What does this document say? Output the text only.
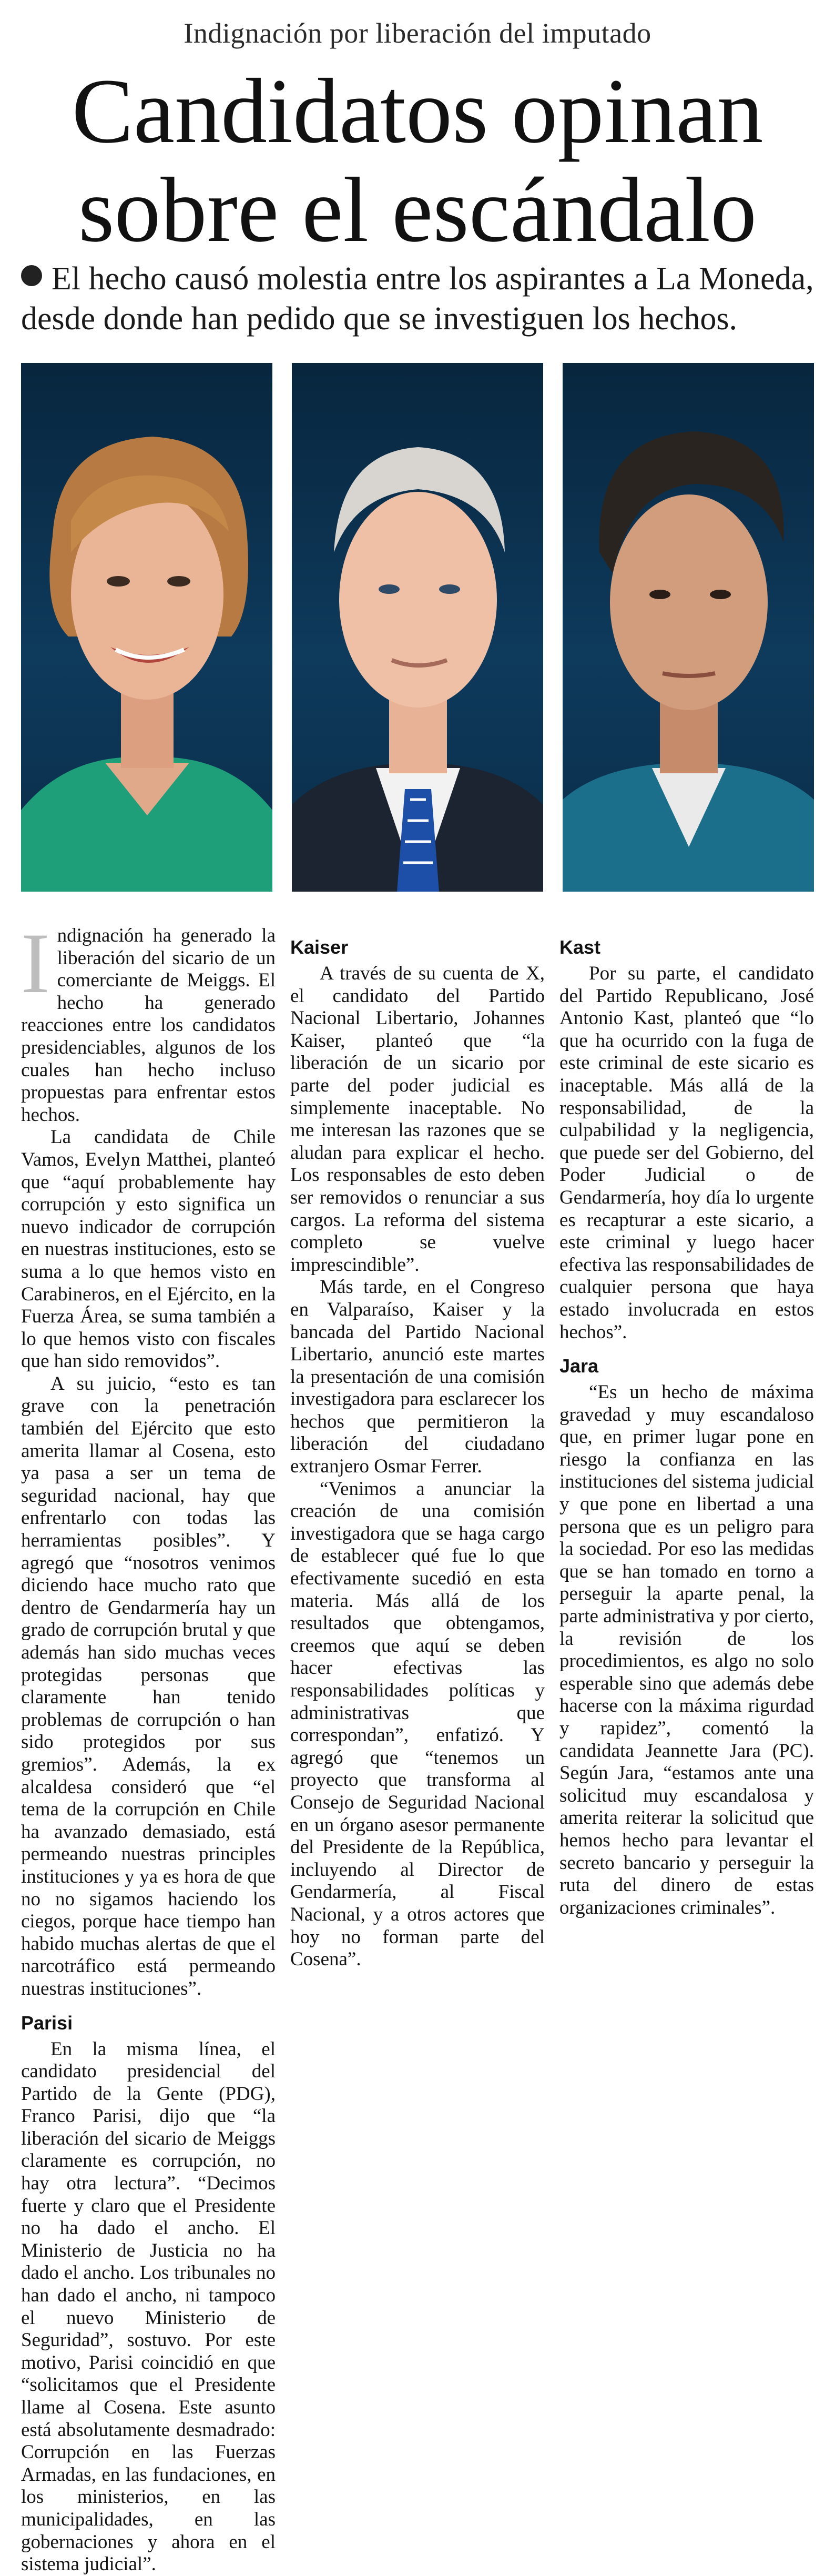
Indignación por liberación del imputado
Candidatos opinan
sobre el escándalo
El hecho causó molestia entre los aspirantes a La Moneda, desde donde han pedido que se investiguen los hechos.

Indignación ha generado la liberación del sicario de un comerciante de Meiggs. El hecho ha generado reacciones entre los candidatos presidenciables, algunos de los cuales han hecho incluso propuestas para enfrentar estos hechos.

La candidata de Chile Vamos, Evelyn Matthei, planteó que “aquí probablemente hay corrupción y esto significa un nuevo indicador de corrupción en nuestras instituciones, esto se suma a lo que hemos visto en Carabineros, en el Ejército, en la Fuerza Área, se suma también a lo que hemos visto con fiscales que han sido removidos”.

A su juicio, “esto es tan grave con la penetración también del Ejército que esto amerita llamar al Cosena, esto ya pasa a ser un tema de seguridad nacional, hay que enfrentarlo con todas las herramientas posibles”. Y agregó que “nosotros venimos diciendo hace mucho rato que dentro de Gendarmería hay un grado de corrupción brutal y que además han sido muchas veces protegidas personas que claramente han tenido problemas de corrupción o han sido protegidos por sus gremios”. Además, la ex alcaldesa consideró que “el tema de la corrupción en Chile ha avanzado demasiado, está permeando nuestras principles instituciones y ya es hora de que no no sigamos haciendo los ciegos, porque hace tiempo han habido muchas alertas de que el narcotráfico está permeando nuestras instituciones”.

Parisi

En la misma línea, el candidato presidencial del Partido de la Gente (PDG), Franco Parisi, dijo que “la liberación del sicario de Meiggs claramente es corrupción, no hay otra lectura”. “Decimos fuerte y claro que el Presidente no ha dado el ancho. El Ministerio de Justicia no ha dado el ancho. Los tribunales no han dado el ancho, ni tampoco el nuevo Ministerio de Seguridad”, sostuvo. Por este motivo, Parisi coincidió en que “solicitamos que el Presidente llame al Cosena. Este asunto está absolutamente desmadrado: Corrupción en las Fuerzas Armadas, en las fundaciones, en los ministerios, en las municipalidades, en las gobernaciones y ahora en el sistema judicial”.

Kaiser

A través de su cuenta de X, el candidato del Partido Nacional Libertario, Johannes Kaiser, planteó que “la liberación de un sicario por parte del poder judicial es simplemente inaceptable. No me interesan las razones que se aludan para explicar el hecho. Los responsables de esto deben ser removidos o renunciar a sus cargos. La reforma del sistema completo se vuelve imprescindible”.

Más tarde, en el Congreso en Valparaíso, Kaiser y la bancada del Partido Nacional Libertario, anunció este martes la presentación de una comisión investigadora para esclarecer los hechos que permitieron la liberación del ciudadano extranjero Osmar Ferrer.

“Venimos a anunciar la creación de una comisión investigadora que se haga cargo de establecer qué fue lo que efectivamente sucedió en esta materia. Más allá de los resultados que obtengamos, creemos que aquí se deben hacer efectivas las responsabilidades políticas y administrativas que correspondan”, enfatizó. Y agregó que “tenemos un proyecto que transforma al Consejo de Seguridad Nacional en un órgano asesor permanente del Presidente de la República, incluyendo al Director de Gendarmería, al Fiscal Nacional, y a otros actores que hoy no forman parte del Cosena”.

Kast

Por su parte, el candidato del Partido Republicano, José Antonio Kast, planteó que “lo que ha ocurrido con la fuga de este criminal de este sicario es inaceptable. Más allá de la responsabilidad, de la culpabilidad y la negligencia, que puede ser del Gobierno, del Poder Judicial o de Gendarmería, hoy día lo urgente es recapturar a este sicario, a este criminal y luego hacer efectiva las responsabilidades de cualquier persona que haya estado involucrada en estos hechos”.

Jara

“Es un hecho de máxima gravedad y muy escandaloso que, en primer lugar pone en riesgo la confianza en las instituciones del sistema judicial y que pone en libertad a una persona que es un peligro para la sociedad. Por eso las medidas que se han tomado en torno a perseguir la aparte penal, la parte administrativa y por cierto, la revisión de los procedimientos, es algo no solo esperable sino que además debe hacerse con la máxima rigurdad y rapidez”, comentó la candidata Jeannette Jara (PC). Según Jara, “estamos ante una solicitud muy escandalosa y amerita reiterar la solicitud que hemos hecho para levantar el secreto bancario y perseguir la ruta del dinero de estas organizaciones criminales”.
